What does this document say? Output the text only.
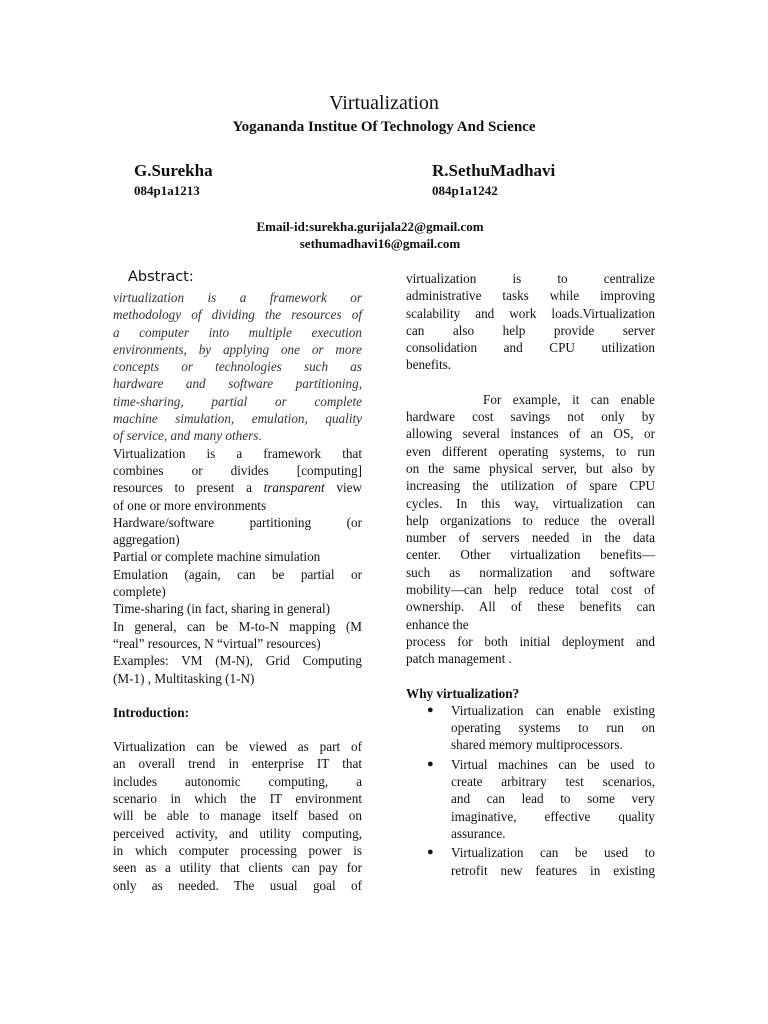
Virtualization
Yogananda Institue Of Technology And Science
G.Surekha
084p1a1213
R.SethuMadhavi
084p1a1242
Email-id:surekha.gurijala22@gmail.com
sethumadhavi16@gmail.com
Abstract:
virtualization is a framework or
methodology of dividing the resources of
a computer into multiple execution
environments, by applying one or more
concepts or technologies such as
hardware and software partitioning,
time-sharing, partial or complete
machine simulation, emulation, quality
of service, and many others.
Virtualization is a framework that
combines or divides [computing]
resources to present a transparent view
of one or more environments
Hardware/software partitioning (or
aggregation)
Partial or complete machine simulation
Emulation (again, can be partial or
complete)
Time-sharing (in fact, sharing in general)
In general, can be M-to-N mapping (M
“real” resources, N “virtual” resources)
Examples: VM (M-N), Grid Computing
(M-1) , Multitasking (1-N)
Introduction:
Virtualization can be viewed as part of
an overall trend in enterprise IT that
includes autonomic computing, a
scenario in which the IT environment
will be able to manage itself based on
perceived activity, and utility computing,
in which computer processing power is
seen as a utility that clients can pay for
only as needed. The usual goal of
virtualization is to centralize
administrative tasks while improving
scalability and work loads.Virtualization
can also help provide server
consolidation and CPU utilization
benefits.
For example, it can enable
hardware cost savings not only by
allowing several instances of an OS, or
even different operating systems, to run
on the same physical server, but also by
increasing the utilization of spare CPU
cycles. In this way, virtualization can
help organizations to reduce the overall
number of servers needed in the data
center. Other virtualization benefits—
such as normalization and software
mobility—can help reduce total cost of
ownership. All of these benefits can
enhance the
process for both initial deployment and
patch management .
Why virtualization?
● Virtualization can enable existing
operating systems to run on
shared memory multiprocessors.
● Virtual machines can be used to
create arbitrary test scenarios,
and can lead to some very
imaginative, effective quality
assurance.
● Virtualization can be used to
retrofit new features in existing
